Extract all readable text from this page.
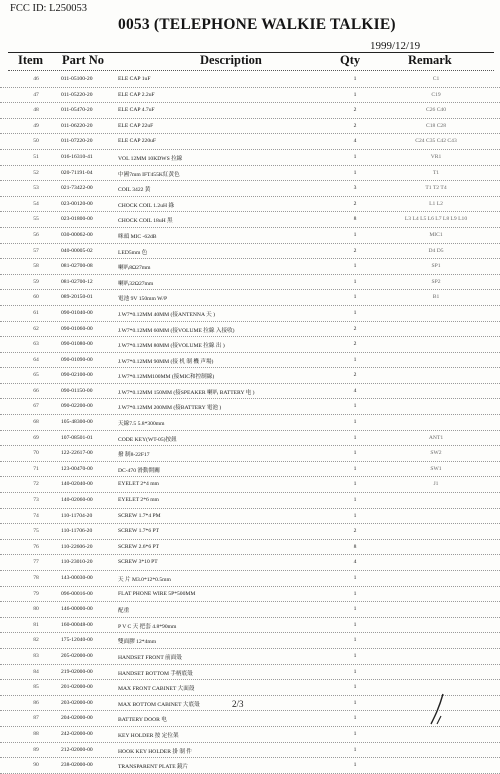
FCC ID: L250053
0053 (TELEPHONE WALKIE TALKIE)
1999/12/19
Item Part No	Description	Qty	Remark
46	011-05100-20	ELE CAP 1uF	1	C1
47	011-05220-20	ELE CAP 2.2uF	1	C19
48	011-05470-20	ELE CAP 4.7uF	2	C26 C40
49	011-06220-20	ELE CAP 22uF	2	C18 C28
50	011-07220-20	ELE CAP 220uF	4	C24 C35 C42 C43
51	016-16310-41	VOL 12MM 10KDWS 拉線	1	VR1
52	020-71191-04	中國7mm IFT455K紅黃色	1	T1
53	021-73422-00	COIL 3422 黃	3	T1 T2 T4
54	023-00120-00	CHOCK COIL 1.2uH 綠	2	L1 L2
55	023-01800-00	CHOCK COIL 18uH 黑	8	L3 L4 L5 L6 L7 L8 L9 L10
56	030-00062-00	咪頭 MIC -62dB	1	MIC1
57	040-00005-02	LED5mm 色	2	D4 D5
58	081-02700-08	喇叭8Ω27mm	1	SP1
59	081-02700-12	喇叭32Ω27mm	1	SP2
60	089-20150-01	電池 9V 150mm W/P	1	B1
61	090-01040-00	J.W7*0.12MM 40MM (接ANTENNA 天 )	1
62	090-01060-00	J.W7*0.12MM 60MM (接VOLUME 拉線 入接收)	2
63	090-01080-00	J.W7*0.12MM 80MM (接VOLUME 拉線 出 )	2
64	090-01090-00	J.W7*0.12MM 90MM (接 机 制 機 声場)	1
65	090-02100-00	J.W7*0.12MM100MM (接MIC和控制線)	2
66	090-01150-00	J.W7*0.12MM 150MM (接SPEAKER 喇叭 BATTERY 电 )	4
67	090-02200-00	J.W7*0.12MM 200MM (接BATTERY 電池 )	1
68	105-48300-00	天線7.5 5.8*300mm	1
69	107-08501-01	CODE KEY(WT-05)按鈕	1	ANT1
70	122-22617-00	撥 制8-22F17	1	SW2
71	123-00470-00	DC-470 滑動開關	1	SW1
72	140-02040-00	EYELET 2*4 mm	1	J1
73	140-02060-00	EYELET 2*6 mm	1
74	110-11704-20	SCREW 1.7*4 PM	1
75	110-11706-20	SCREW 1.7*6 PT	2
76	110-22606-20	SCREW 2.6*6 PT	8
77	110-23010-20	SCREW 3*10 PT	4
78	143-00030-00	天 片 M3.0*12*0.5mm	1
79	096-00016-00	FLAT PHONE WIRE 5P*500MM	1
80	146-00000-00	配重	1
81	160-00048-00	P V C 天 把套 4.8*90mm	1
82	175-12040-00	雙面膠 12*4mm	1
83	205-02000-00	HANDSET FRONT 前面殼	1
84	219-02000-00	HANDSET BOTTOM 手柄底殼	1
85	201-02000-00	MAX FRONT CABINET 大面殼	1
86	203-02000-00	MAX BOTTOM CABINET 大底殼	1
87	204-02000-00	BATTERY DOOR 电	1
88	242-02000-00	KEY HOLDER 按 定位架	1
89	212-02000-00	HOOK KEY HOLDER 掛 制 件	1
90	238-02000-00	TRANSPARENT PLATE 鏡片	1
2/3
